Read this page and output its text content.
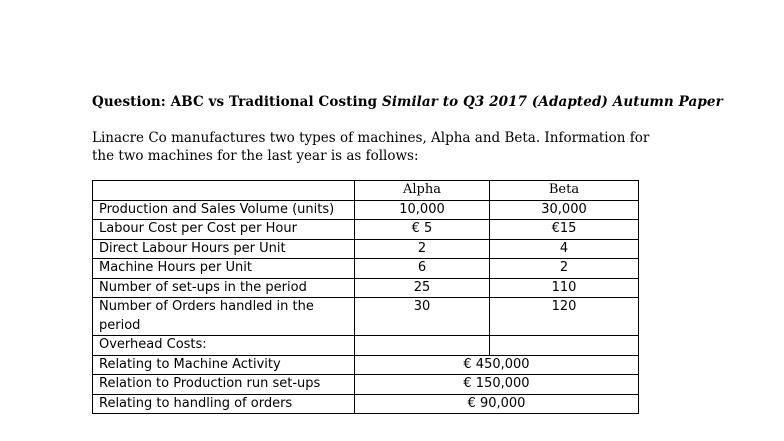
Question: ABC vs Traditional Costing Similar to Q3 2017 (Adapted) Autumn Paper
Linacre Co manufactures two types of machines, Alpha and Beta. Information for the two machines for the last year is as follows:
	Alpha	Beta
Production and Sales Volume (units)	10,000	30,000
Labour Cost per Cost per Hour	€ 5	€15
Direct Labour Hours per Unit	2	4
Machine Hours per Unit	6	2
Number of set-ups in the period	25	110
Number of Orders handled in the period	30	120
Overhead Costs:		
Relating to Machine Activity	€ 450,000	
Relation to Production run set-ups	€ 150,000	
Relating to handling of orders	€ 90,000	
